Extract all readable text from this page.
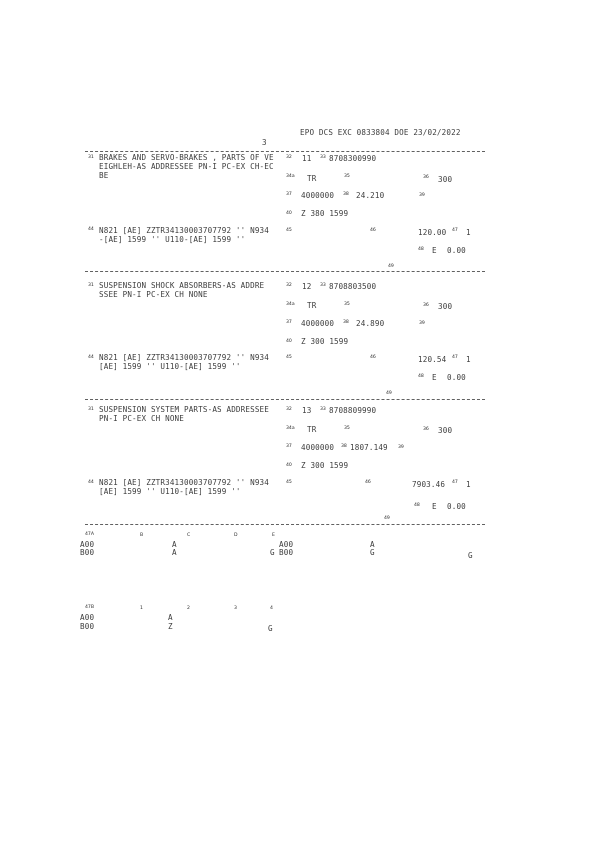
EPO DCS EXC 0833804 DOE 23/02/2022
3
31 BRAKES AND SERVO-BRAKES , PARTS OF VE
EIGHLEH-AS ADDRESSEE PN-I PC-EX CH-EC
BE
32 11 33 8708300990
34a TR	35	36 300
37 4000000 38 24.210	39
40 Z 380 1599
44 N821 [AE] ZZTR34130003707792 '' N934
-[AE] 1599 '' U110-[AE] 1599 ''
45	46	120.00 47 1
48 E 0.00
49
31 SUSPENSION SHOCK ABSORBERS-AS ADDRE
SSEE PN-I PC-EX CH NONE
32 12 33 8708803500
34a TR	35	36 300
37 4000000 38 24.890	39
40 Z 300 1599
44 N821 [AE] ZZTR34130003707792 '' N934
[AE] 1599 '' U110-[AE] 1599 ''
45	46	120.54 47 1
48 E 0.00
49
31 SUSPENSION SYSTEM PARTS-AS ADDRESSEE
PN-I PC-EX CH NONE
32 13 33 8708809990
34a TR	35	36 300
37 4000000 38 1807.149 39
40 Z 300 1599
44 N821 [AE] ZZTR34130003707792 '' N934
[AE] 1599 '' U110-[AE] 1599 ''
45	46	7903.46 47 1
48 E 0.00
49
47A	B	C	D	E
A00	A	A00	A
B00	A	G B00	G	G
47B	1	2	3	4
A00	A
B00	Z	G
